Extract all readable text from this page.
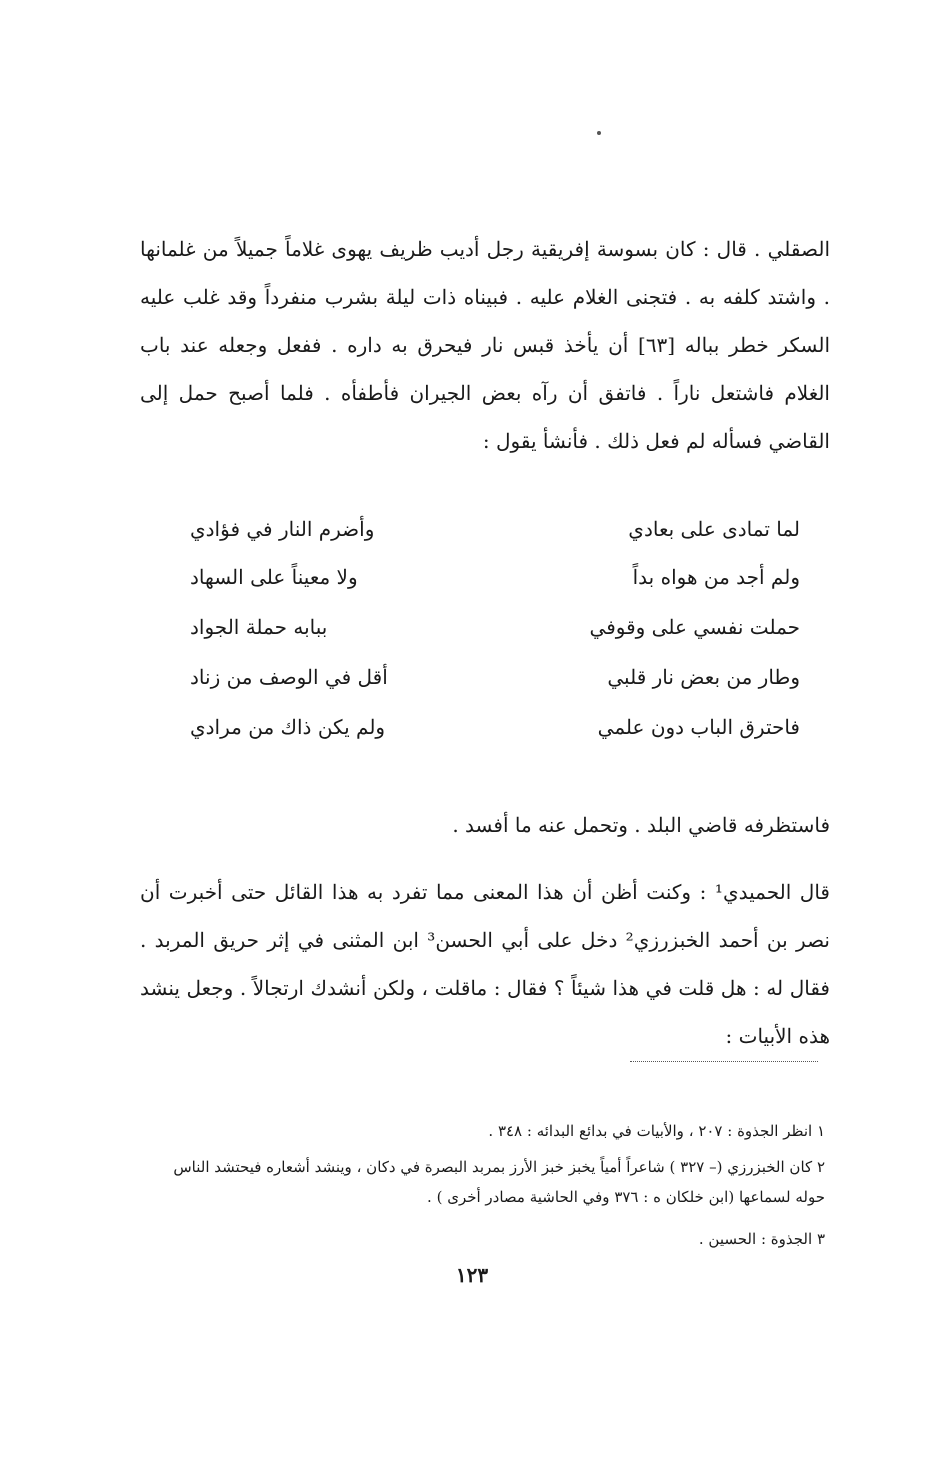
الصقلي . قال : كان بسوسة إفريقية رجل أديب ظريف يهوى غلاماً جميلاً من غلمانها . واشتد كلفه به . فتجنى الغلام عليه . فبيناه ذات ليلة بشرب منفرداً وقد غلب عليه السكر خطر بباله [٦٣] أن يأخذ قبس نار فيحرق به داره . ففعل وجعله عند باب الغلام فاشتعل ناراً . فاتفق أن رآه بعض الجيران فأطفأه . فلما أصبح حمل إلى القاضي فسأله لم فعل ذلك . فأنشأ يقول :

لما تمادى على بعادي
وأضرم النار في فؤادي
ولم أجد من هواه بداً
ولا معيناً على السهاد
حملت نفسي على وقوفي
ببابه حملة الجواد
وطار من بعض نار قلبي
أقل في الوصف من زناد
فاحترق الباب دون علمي
ولم يكن ذاك من مرادي

فاستظرفه قاضي البلد . وتحمل عنه ما أفسد .

قال الحميدي¹ : وكنت أظن أن هذا المعنى مما تفرد به هذا القائل حتى أخبرت أن نصر بن أحمد الخبزرزي² دخل على أبي الحسن³ ابن المثنى في إثر حريق المربد . فقال له : هل قلت في هذا شيئاً ؟ فقال : ماقلت ، ولكن أنشدك ارتجالاً . وجعل ينشد هذه الأبيات :

١ انظر الجذوة : ٢٠٧ ، والأبيات في بدائع البدائه : ٣٤٨ .

٢ كان الخبزرزي (– ٣٢٧ ) شاعراً أمياً يخبز خبز الأرز بمربد البصرة في دكان ، وينشد أشعاره فيحتشد الناس حوله لسماعها (ابن خلكان ه : ٣٧٦ وفي الحاشية مصادر أخرى ) .

٣ الجذوة : الحسين .

١٢٣
